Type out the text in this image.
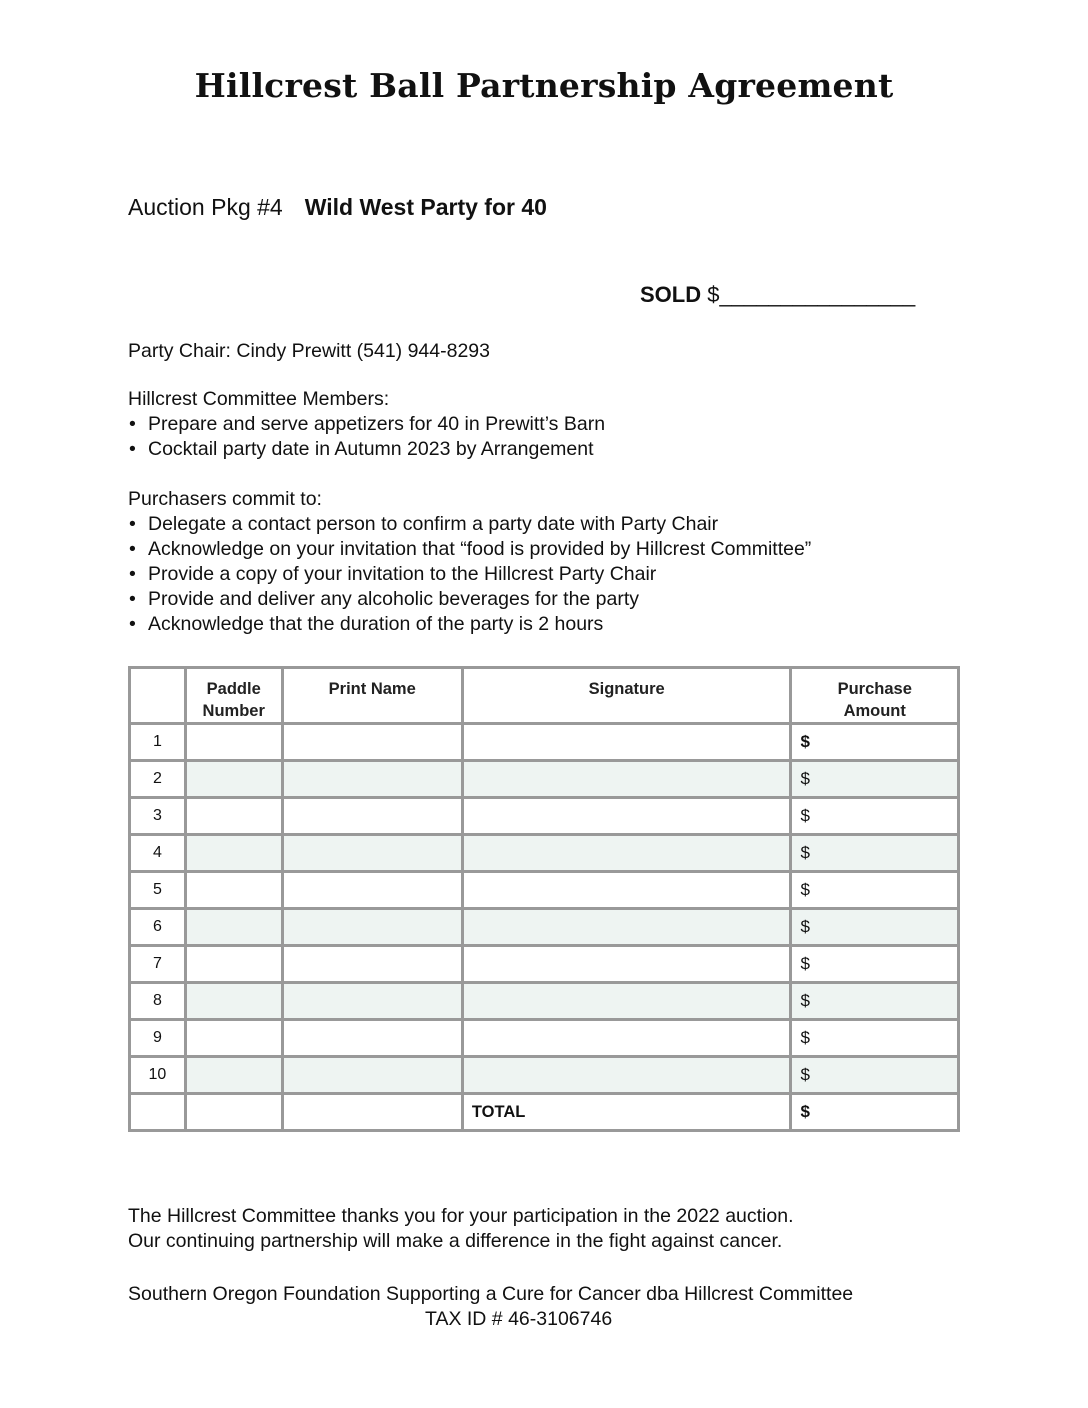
Hillcrest Ball Partnership Agreement
Auction Pkg #4 Wild West Party for 40
SOLD $________________
Party Chair: Cindy Prewitt (541) 944-8293
Hillcrest Committee Members:
• Prepare and serve appetizers for 40 in Prewitt’s Barn
• Cocktail party date in Autumn 2023 by Arrangement
Purchasers commit to:
• Delegate a contact person to confirm a party date with Party Chair
• Acknowledge on your invitation that “food is provided by Hillcrest Committee”
• Provide a copy of your invitation to the Hillcrest Party Chair
• Provide and deliver any alcoholic beverages for the party
• Acknowledge that the duration of the party is 2 hours
	Paddle
Number	Print Name	Signature	Purchase
Amount
1				$
2				$
3				$
4				$
5				$
6				$
7				$
8				$
9				$
10				$
			TOTAL	$
The Hillcrest Committee thanks you for your participation in the 2022 auction.
Our continuing partnership will make a difference in the fight against cancer.
Southern Oregon Foundation Supporting a Cure for Cancer dba Hillcrest Committee
TAX ID # 46-3106746
